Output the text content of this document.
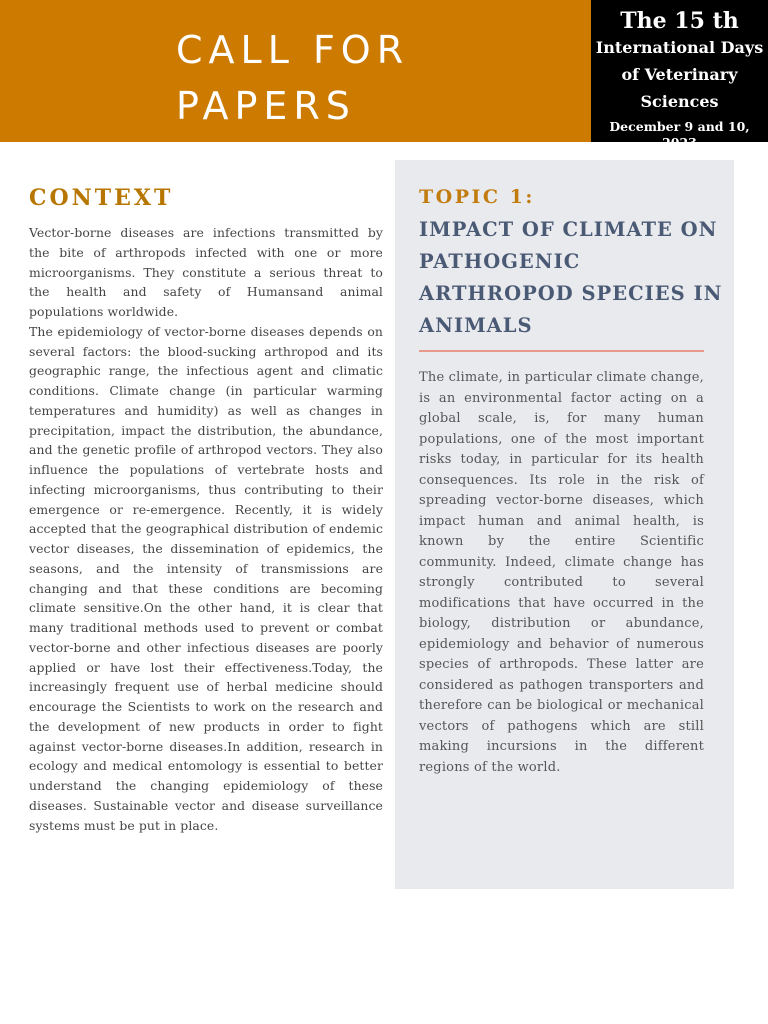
CALL FOR PAPERS
The 15 th
International Days of Veterinary Sciences
December 9 and 10, 2023
CONTEXT

Vector-borne diseases are infections transmitted by the bite of arthropods infected with one or more microorganisms. They constitute a serious threat to the health and safety of Humansand animal populations worldwide.

The epidemiology of vector-borne diseases depends on several factors: the blood-sucking arthropod and its geographic range, the infectious agent and climatic conditions. Climate change (in particular warming temperatures and humidity) as well as changes in precipitation, impact the distribution, the abundance, and the genetic profile of arthropod vectors. They also influence the populations of vertebrate hosts and infecting microorganisms, thus contributing to their emergence or re-emergence. Recently, it is widely accepted that the geographical distribution of endemic vector diseases, the dissemination of epidemics, the seasons, and the intensity of transmissions are changing and that these conditions are becoming climate sensitive.On the other hand, it is clear that many traditional methods used to prevent or combat vector-borne and other infectious diseases are poorly applied or have lost their effectiveness.Today, the increasingly frequent use of herbal medicine should encourage the Scientists to work on the research and the development of new products in order to fight against vector-borne diseases.In addition, research in ecology and medical entomology is essential to better understand the changing epidemiology of these diseases. Sustainable vector and disease surveillance systems must be put in place.

TOPIC 1:
IMPACT OF CLIMATE ON PATHOGENIC ARTHROPOD SPECIES IN ANIMALS

The climate, in particular climate change, is an environmental factor acting on a global scale, is, for many human populations, one of the most important risks today, in particular for its health consequences. Its role in the risk of spreading vector-borne diseases, which impact human and animal health, is known by the entire Scientific community. Indeed, climate change has strongly contributed to several modifications that have occurred in the biology, distribution or abundance, epidemiology and behavior of numerous species of arthropods. These latter are considered as pathogen transporters and therefore can be biological or mechanical vectors of pathogens which are still making incursions in the different regions of the world.
